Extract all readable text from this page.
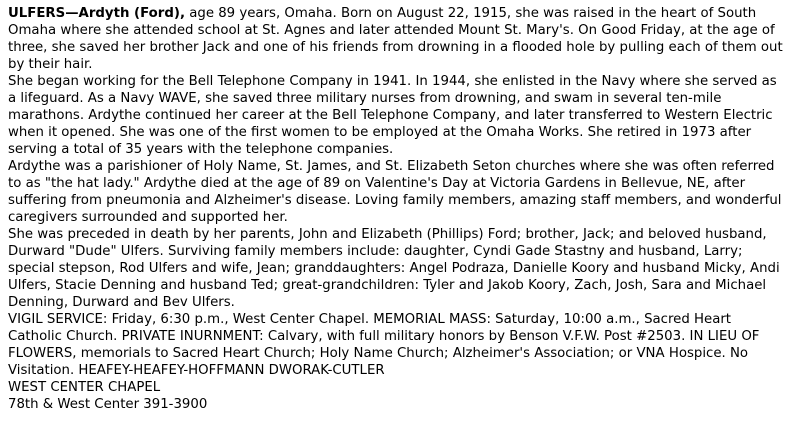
ULFERS—Ardyth (Ford), age 89 years, Omaha. Born on August 22, 1915, she was raised in the heart of South Omaha where she attended school at St. Agnes and later attended Mount St. Mary's. On Good Friday, at the age of three, she saved her brother Jack and one of his friends from drowning in a flooded hole by pulling each of them out by their hair.

She began working for the Bell Telephone Company in 1941. In 1944, she enlisted in the Navy where she served as a lifeguard. As a Navy WAVE, she saved three military nurses from drowning, and swam in several ten-mile marathons. Ardythe continued her career at the Bell Telephone Company, and later transferred to Western Electric when it opened. She was one of the first women to be employed at the Omaha Works. She retired in 1973 after serving a total of 35 years with the telephone companies.

Ardythe was a parishioner of Holy Name, St. James, and St. Elizabeth Seton churches where she was often referred to as "the hat lady." Ardythe died at the age of 89 on Valentine's Day at Victoria Gardens in Bellevue, NE, after suffering from pneumonia and Alzheimer's disease. Loving family members, amazing staff members, and wonderful caregivers surrounded and supported her.

She was preceded in death by her parents, John and Elizabeth (Phillips) Ford; brother, Jack; and beloved husband, Durward "Dude" Ulfers. Surviving family members include: daughter, Cyndi Gade Stastny and husband, Larry; special stepson, Rod Ulfers and wife, Jean; granddaughters: Angel Podraza, Danielle Koory and husband Micky, Andi Ulfers, Stacie Denning and husband Ted; great-grandchildren: Tyler and Jakob Koory, Zach, Josh, Sara and Michael Denning, Durward and Bev Ulfers.

VIGIL SERVICE: Friday, 6:30 p.m., West Center Chapel. MEMORIAL MASS: Saturday, 10:00 a.m., Sacred Heart Catholic Church. PRIVATE INURNMENT: Calvary, with full military honors by Benson V.F.W. Post #2503. IN LIEU OF FLOWERS, memorials to Sacred Heart Church; Holy Name Church; Alzheimer's Association; or VNA Hospice. No Visitation. HEAFEY-HEAFEY-HOFFMANN DWORAK-CUTLER

WEST CENTER CHAPEL

78th & West Center 391-3900
